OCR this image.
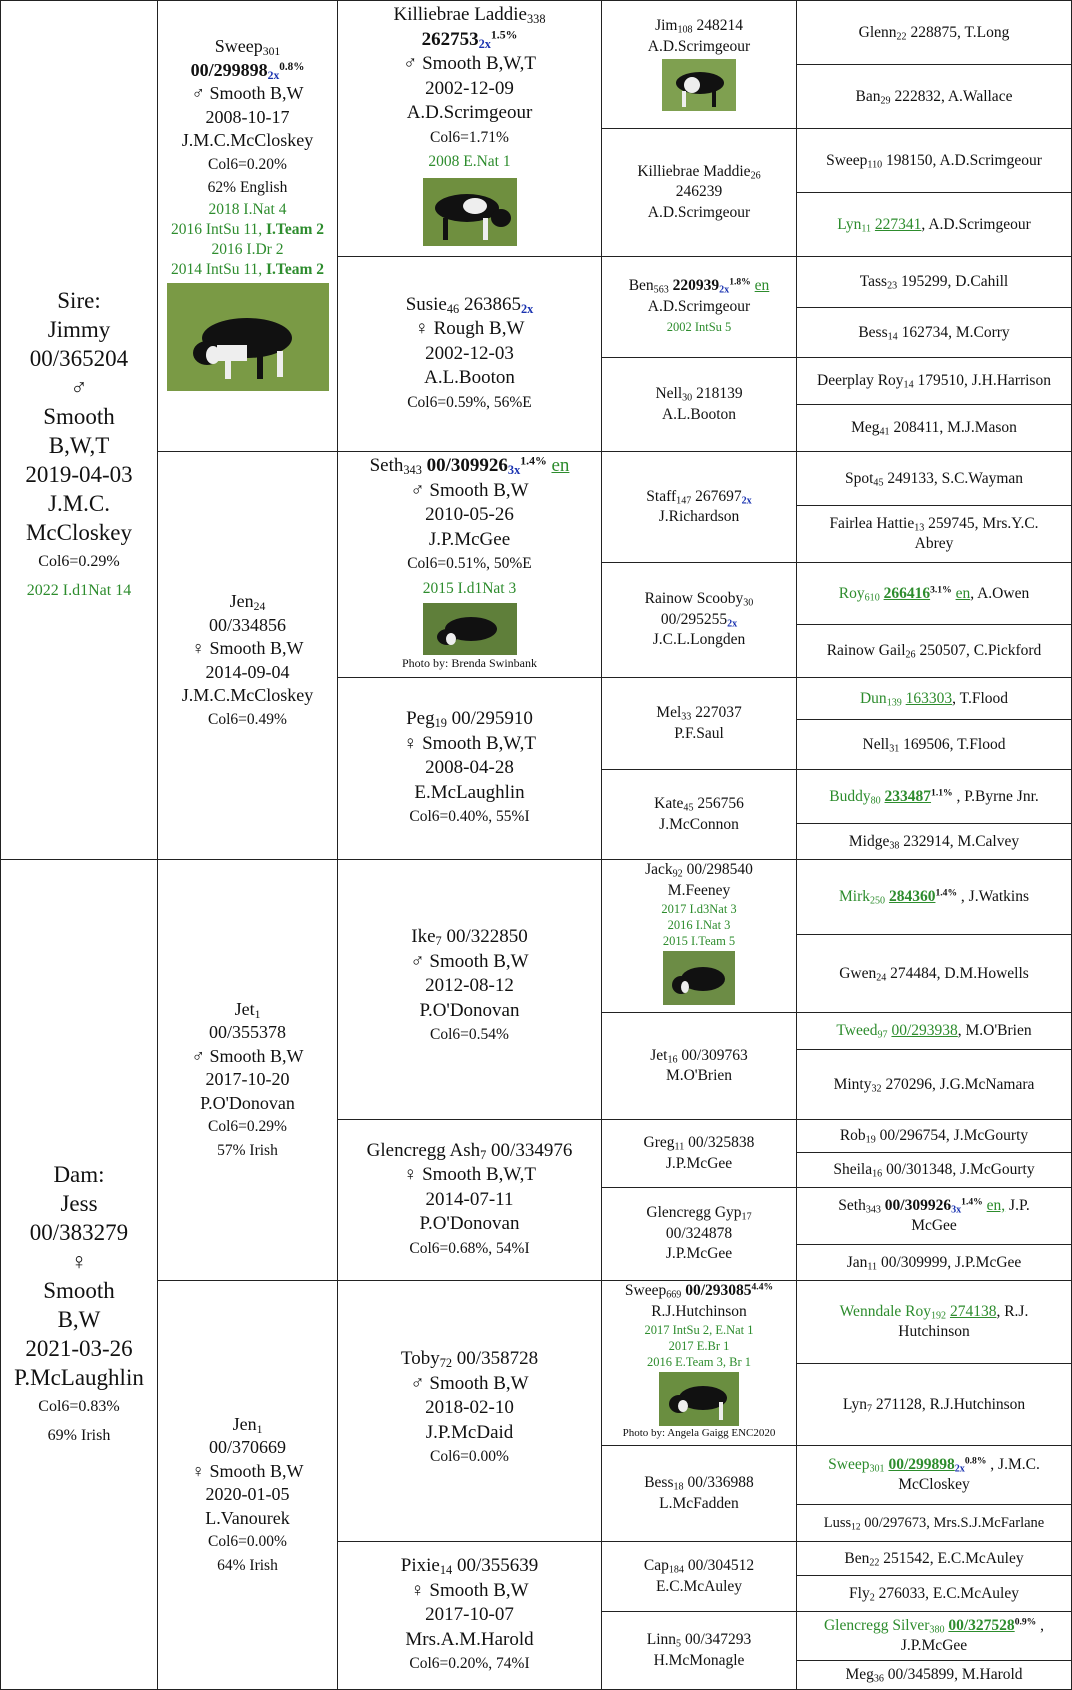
Sire:
Jimmy
00/365204
♂
Smooth
B,W,T
2019-04-03
J.M.C.
McCloskey
Col6=0.29%
2022 I.d1Nat 14
Dam:
Jess
00/383279
♀
Smooth
B,W
2021-03-26
P.McLaughlin
Col6=0.83%
69% Irish
Sweep$_{301}$
$00/299898_{2x}^{0.8\%}$
♂ Smooth B,W
2008-10-17
J.M.C.McCloskey
Col6=0.20%
62% English
2018 I.Nat 4
2016 IntSu 11, I.Team 2
2016 I.Dr 2
2014 IntSu 11, I.Team 2
Jen$_{24}$
00/334856
♀ Smooth B,W
2014-09-04
J.M.C.McCloskey
Col6=0.49%
Jet$_1$
00/355378
♂ Smooth B,W
2017-10-20
P.O'Donovan
Col6=0.29%
57% Irish
Jen$_1$
00/370669
♀ Smooth B,W
2020-01-05
L.Vanourek
Col6=0.00%
64% Irish
Killiebrae Laddie$_{338}$
$262753_{2x}^{1.5\%}$
♂ Smooth B,W,T
2002-12-09
A.D.Scrimgeour
Col6=1.71%
2008 E.Nat 1
Susie$_{46}$ $263865_{2x}$
♀ Rough B,W
2002-12-03
A.L.Booton
Col6=0.59%, 56%E
Seth$_{343}$ $00/309926_{3x}^{1.4\%}$ en
♂ Smooth B,W
2010-05-26
J.P.McGee
Col6=0.51%, 50%E
2015 I.d1Nat 3
Photo by: Brenda Swinbank
Peg$_{19}$ 00/295910
♀ Smooth B,W,T
2008-04-28
E.McLaughlin
Col6=0.40%, 55%I
Ike$_7$ 00/322850
♂ Smooth B,W
2012-08-12
P.O'Donovan
Col6=0.54%
Glencregg Ash$_7$ 00/334976
♀ Smooth B,W,T
2014-07-11
P.O'Donovan
Col6=0.68%, 54%I
Toby$_{72}$ 00/358728
♂ Smooth B,W
2018-02-10
J.P.McDaid
Col6=0.00%
Pixie$_{14}$ 00/355639
♀ Smooth B,W
2017-10-07
Mrs.A.M.Harold
Col6=0.20%, 74%I
Jim$_{108}$ 248214
A.D.Scrimgeour
Killiebrae Maddie$_{26}$
246239
A.D.Scrimgeour
Ben$_{563}$ $220939_{2x}^{1.8\%}$ en
A.D.Scrimgeour
2002 IntSu 5
Nell$_{30}$ 218139
A.L.Booton
Staff$_{147}$ $267697_{2x}$
J.Richardson
Rainow Scooby$_{30}$
$00/295255_{2x}$
J.C.L.Longden
Mel$_{33}$ 227037
P.F.Saul
Kate$_{45}$ 256756
J.McConnon
Jack$_{92}$ 00/298540
M.Feeney
2017 I.d3Nat 3
2016 I.Nat 3
2015 I.Team 5
Jet$_{16}$ 00/309763
M.O'Brien
Greg$_{11}$ 00/325838
J.P.McGee
Glencregg Gyp$_{17}$
00/324878
J.P.McGee
Sweep$_{669}$ $00/293085^{4.4\%}$
R.J.Hutchinson
2017 IntSu 2, E.Nat 1
2017 E.Br 1
2016 E.Team 3, Br 1
Photo by: Angela Gaigg ENC2020
Bess$_{18}$ 00/336988
L.McFadden
Cap$_{184}$ 00/304512
E.C.McAuley
Linn$_5$ 00/347293
H.McMonagle
Glenn$_{22}$ 228875, T.Long
Ban$_{29}$ 222832, A.Wallace
Sweep$_{110}$ 198150, A.D.Scrimgeour
Lyn$_{11}$ 227341, A.D.Scrimgeour
Tass$_{23}$ 195299, D.Cahill
Bess$_{14}$ 162734, M.Corry
Deerplay Roy$_{14}$ 179510, J.H.Harrison
Meg$_{41}$ 208411, M.J.Mason
Spot$_{45}$ 249133, S.C.Wayman
Fairlea Hattie$_{13}$ 259745, Mrs.Y.C.
Abrey
Roy$_{610}$ $266416^{3.1\%}$ en, A.Owen
Rainow Gail$_{26}$ 250507, C.Pickford
Dun$_{139}$ 163303, T.Flood
Nell$_{31}$ 169506, T.Flood
Buddy$_{80}$ $233487^{1.1\%}$ , P.Byrne Jnr.
Midge$_{38}$ 232914, M.Calvey
Mirk$_{250}$ $284360^{1.4\%}$ , J.Watkins
Gwen$_{24}$ 274484, D.M.Howells
Tweed$_{97}$ 00/293938, M.O'Brien
Minty$_{32}$ 270296, J.G.McNamara
Rob$_{19}$ 00/296754, J.McGourty
Sheila$_{16}$ 00/301348, J.McGourty
Seth$_{343}$ $00/309926_{3x}^{1.4\%}$ en, J.P.
McGee
Jan$_{11}$ 00/309999, J.P.McGee
Wenndale Roy$_{192}$ 274138, R.J.
Hutchinson
Lyn$_7$ 271128, R.J.Hutchinson
Sweep$_{301}$ $00/299898_{2x}^{0.8\%}$ , J.M.C.
McCloskey
Luss$_{12}$ 00/297673, Mrs.S.J.McFarlane
Ben$_{22}$ 251542, E.C.McAuley
Fly$_2$ 276033, E.C.McAuley
Glencregg Silver$_{380}$ $00/327528^{0.9\%}$ ,
J.P.McGee
Meg$_{36}$ 00/345899, M.Harold
